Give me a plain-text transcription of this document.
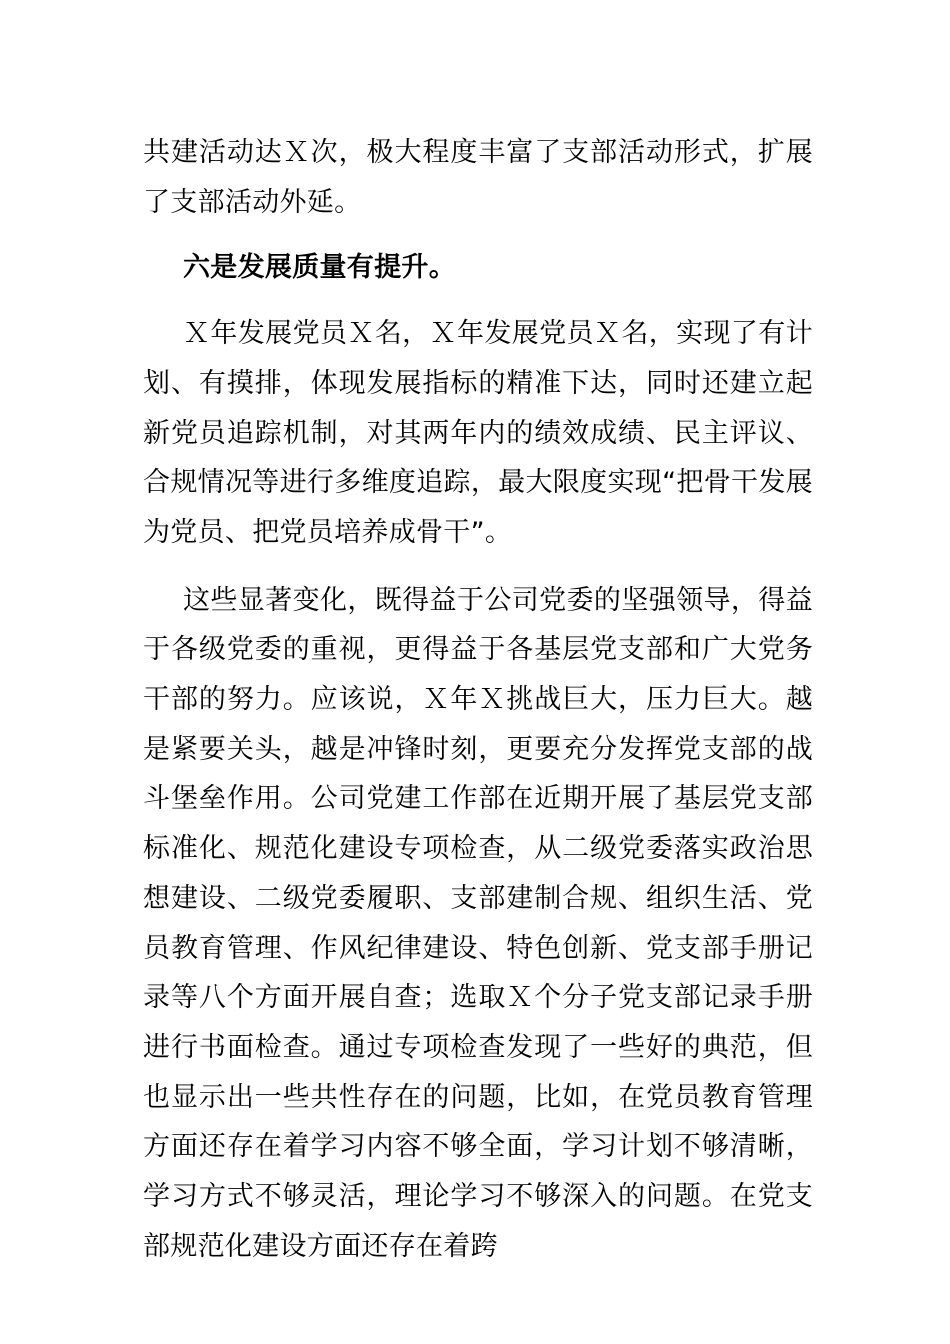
共建活动达Ｘ次，极大程度丰富了支部活动形式，扩展了支部活动外延。

六是发展质量有提升。

Ｘ年发展党员Ｘ名，Ｘ年发展党员Ｘ名，实现了有计划、有摸排，体现发展指标的精准下达，同时还建立起新党员追踪机制，对其两年内的绩效成绩、民主评议、合规情况等进行多维度追踪，最大限度实现“把骨干发展为党员、把党员培养成骨干”。

这些显著变化，既得益于公司党委的坚强领导，得益于各级党委的重视，更得益于各基层党支部和广大党务干部的努力。应该说，Ｘ年Ｘ挑战巨大，压力巨大。越是紧要关头，越是冲锋时刻，更要充分发挥党支部的战斗堡垒作用。公司党建工作部在近期开展了基层党支部标准化、规范化建设专项检查，从二级党委落实政治思想建设、二级党委履职、支部建制合规、组织生活、党员教育管理、作风纪律建设、特色创新、党支部手册记录等八个方面开展自查；选取Ｘ个分子党支部记录手册进行书面检查。通过专项检查发现了一些好的典范，但也显示出一些共性存在的问题，比如，在党员教育管理方面还存在着学习内容不够全面，学习计划不够清晰，学习方式不够灵活，理论学习不够深入的问题。在党支部规范化建设方面还存在着跨
